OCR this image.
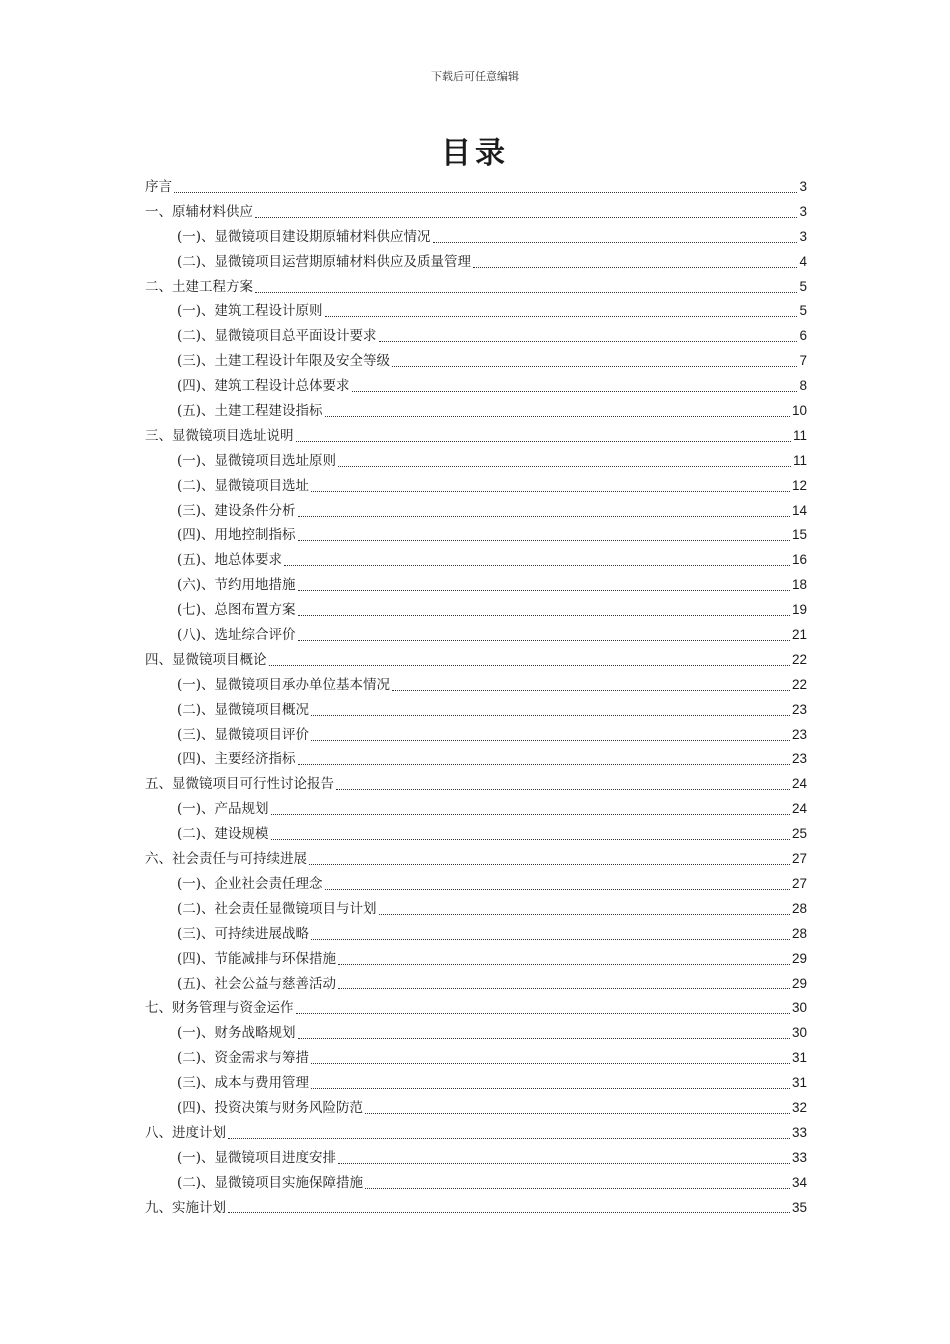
下载后可任意编辑
目录
序言	3
一、原辅材料供应	3
(一)、显微镜项目建设期原辅材料供应情况	3
(二)、显微镜项目运营期原辅材料供应及质量管理	4
二、土建工程方案	5
(一)、建筑工程设计原则	5
(二)、显微镜项目总平面设计要求	6
(三)、土建工程设计年限及安全等级	7
(四)、建筑工程设计总体要求	8
(五)、土建工程建设指标	10
三、显微镜项目选址说明	11
(一)、显微镜项目选址原则	11
(二)、显微镜项目选址	12
(三)、建设条件分析	14
(四)、用地控制指标	15
(五)、地总体要求	16
(六)、节约用地措施	18
(七)、总图布置方案	19
(八)、选址综合评价	21
四、显微镜项目概论	22
(一)、显微镜项目承办单位基本情况	22
(二)、显微镜项目概况	23
(三)、显微镜项目评价	23
(四)、主要经济指标	23
五、显微镜项目可行性讨论报告	24
(一)、产品规划	24
(二)、建设规模	25
六、社会责任与可持续进展	27
(一)、企业社会责任理念	27
(二)、社会责任显微镜项目与计划	28
(三)、可持续进展战略	28
(四)、节能减排与环保措施	29
(五)、社会公益与慈善活动	29
七、财务管理与资金运作	30
(一)、财务战略规划	30
(二)、资金需求与筹措	31
(三)、成本与费用管理	31
(四)、投资决策与财务风险防范	32
八、进度计划	33
(一)、显微镜项目进度安排	33
(二)、显微镜项目实施保障措施	34
九、实施计划	35
